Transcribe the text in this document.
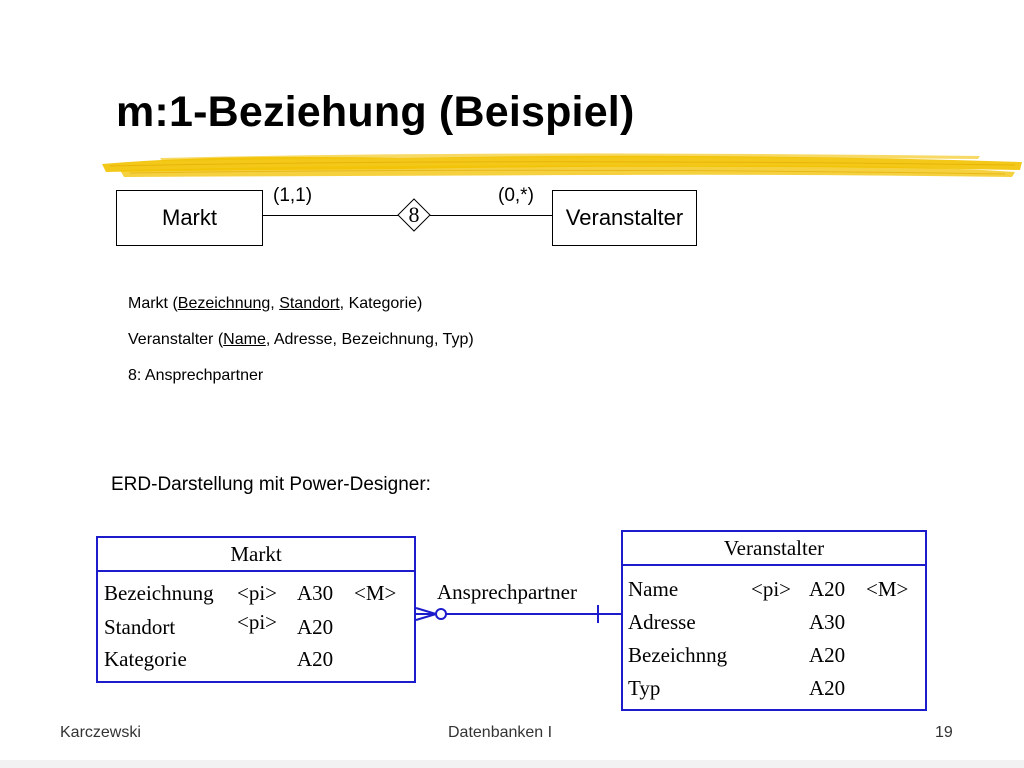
m:1-Beziehung (Beispiel)
Markt	Veranstalter
8
(1,1)	(0,*)
Markt (Bezeichnung, Standort, Kategorie)
Veranstalter (Name, Adresse, Bezeichnung, Typ)
8: Ansprechpartner
ERD-Darstellung mit Power-Designer:
Markt
Bezeichnung <pi> A30 <M>
Standort	<pi> A20
Kategorie	A20
Veranstalter
Name	<pi> A20 <M>
Adresse	A30
Bezeichnng	A20
Typ	A20
Ansprechpartner
Karczewski	Datenbanken I	19
